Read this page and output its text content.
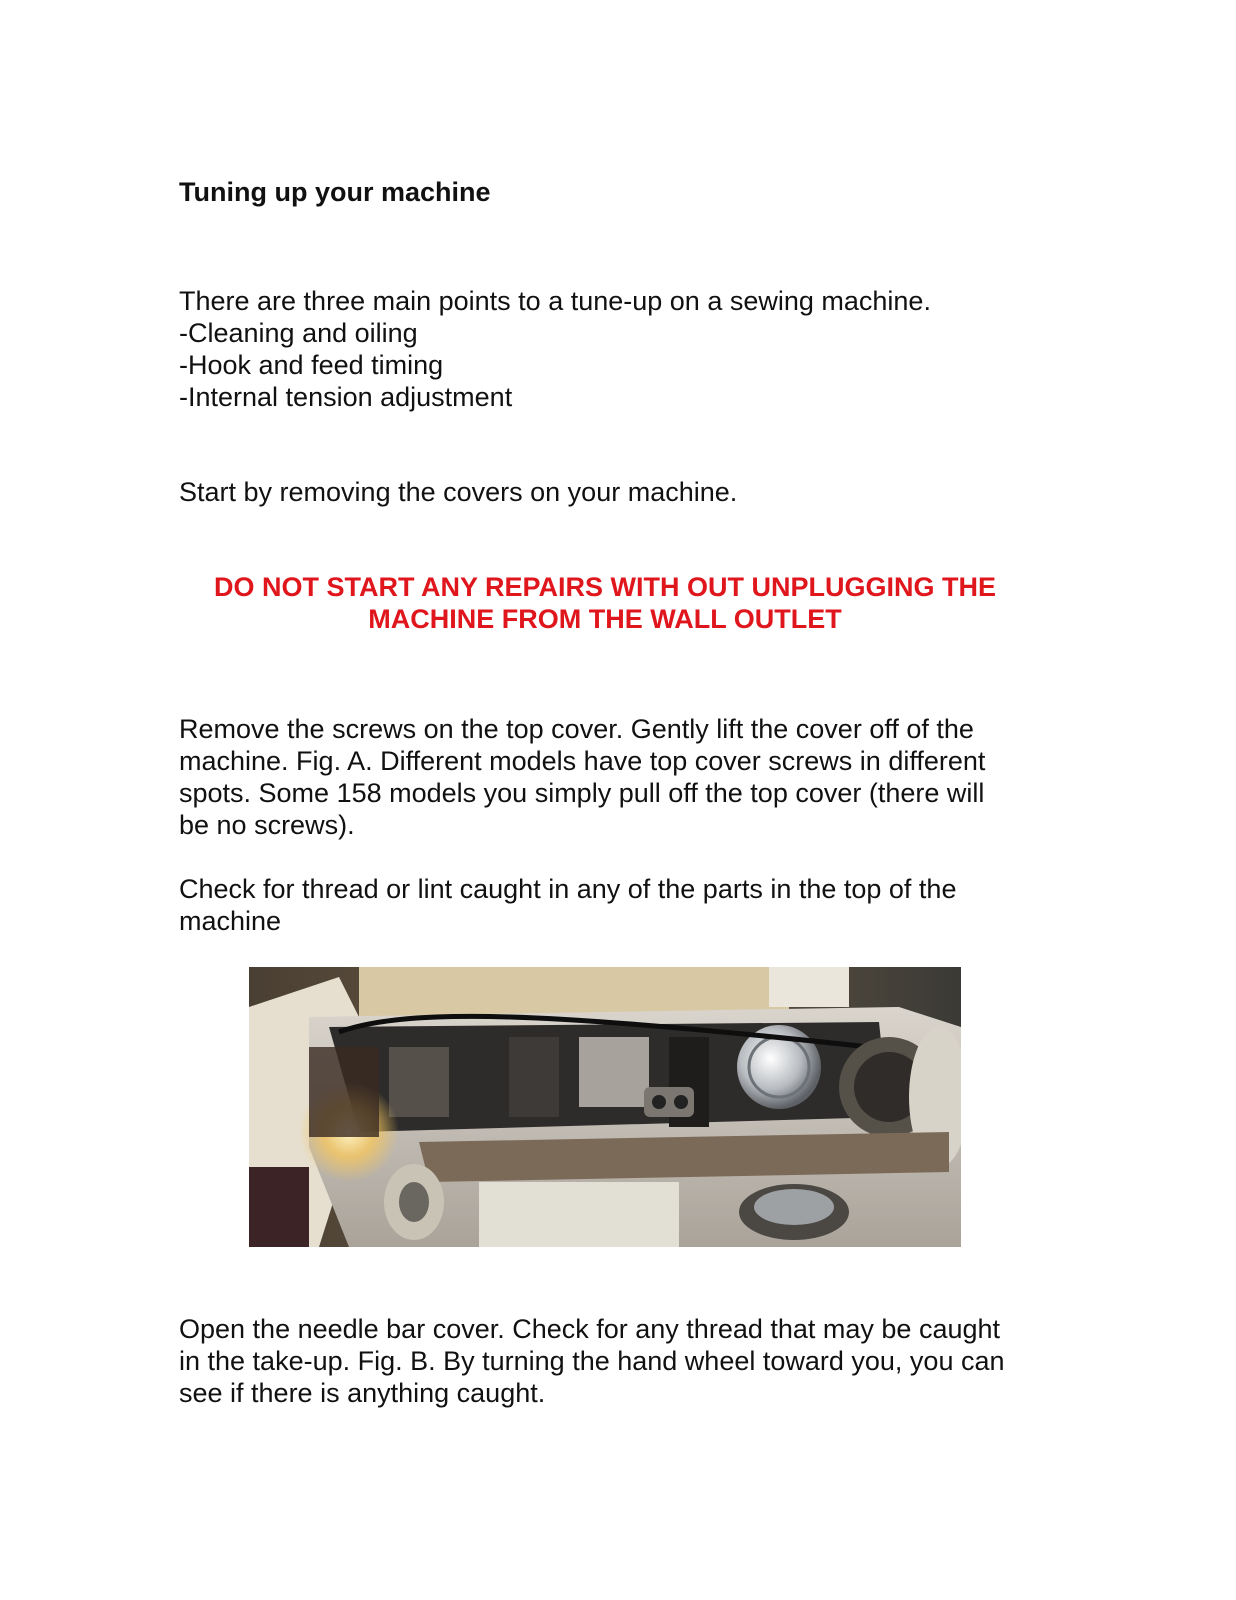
Tuning up your machine

There are three main points to a tune-up on a sewing machine.
-Cleaning and oiling
-Hook and feed timing
-Internal tension adjustment

Start by removing the covers on your machine.

DO NOT START ANY REPAIRS WITH OUT UNPLUGGING THE
MACHINE FROM THE WALL OUTLET

Remove the screws on the top cover. Gently lift the cover off of the
machine. Fig. A. Different models have top cover screws in different
spots. Some 158 models you simply pull off the top cover (there will
be no screws).

Check for thread or lint caught in any of the parts in the top of the
machine

Open the needle bar cover. Check for any thread that may be caught
in the take-up. Fig. B. By turning the hand wheel toward you, you can
see if there is anything caught.
